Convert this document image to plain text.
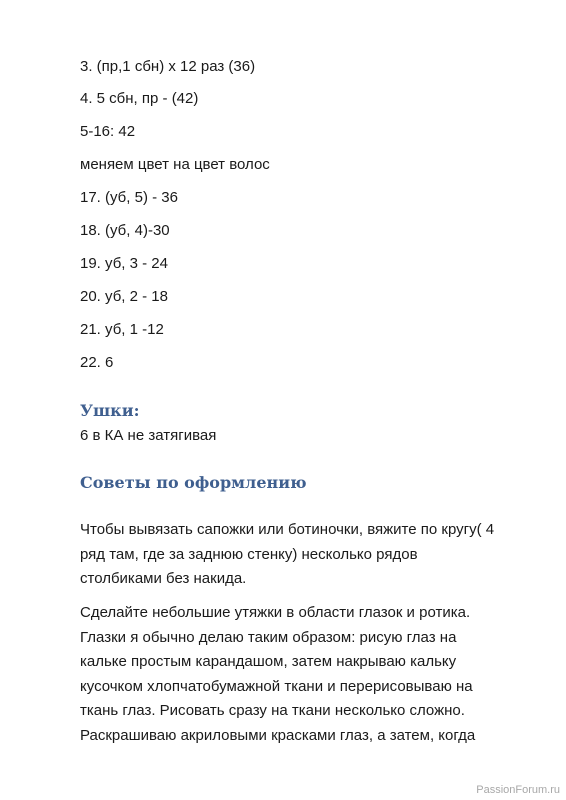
3. (пр,1 сбн) х 12 раз (36)
4. 5 сбн, пр - (42)
5-16: 42
меняем цвет на цвет волос
17. (уб, 5) - 36
18. (уб, 4)-30
19. уб, 3 - 24
20. уб, 2 - 18
21. уб, 1 -12
22. 6
Ушки:
6 в КА не затягивая
Советы по оформлению

Чтобы вывязать сапожки или ботиночки, вяжите по кругу( 4

ряд там, где за заднюю стенку) несколько рядов

столбиками без накида.

Сделайте небольшие утяжки в области глазок и ротика.

Глазки я обычно делаю таким образом: рисую глаз на

кальке простым карандашом, затем накрываю кальку

кусочком хлопчатобумажной ткани и перерисовываю на

ткань глаз. Рисовать сразу на ткани несколько сложно.

Раскрашиваю акриловыми красками глаз, а затем, когда

PassionForum.ru
